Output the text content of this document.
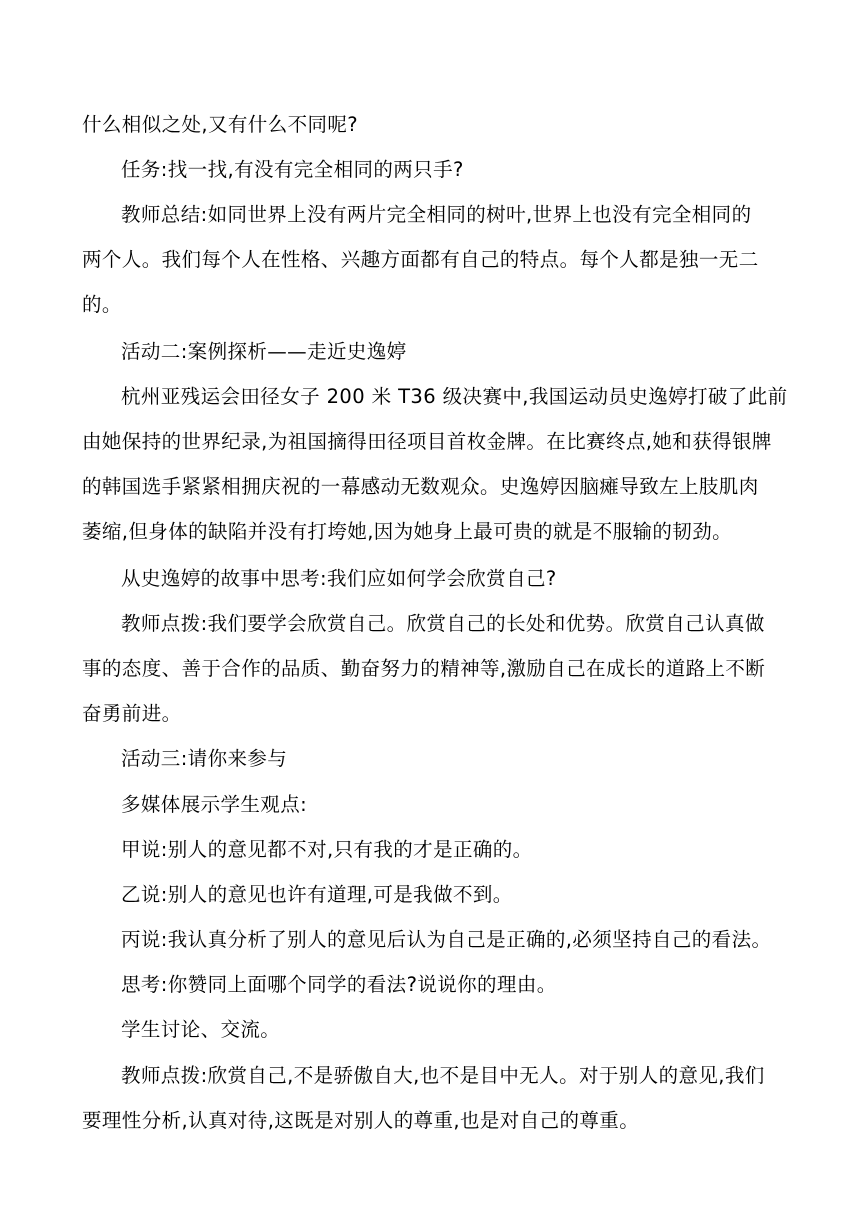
什么相似之处,又有什么不同呢?
任务:找一找,有没有完全相同的两只手?
教师总结:如同世界上没有两片完全相同的树叶,世界上也没有完全相同的
两个人。我们每个人在性格、兴趣方面都有自己的特点。每个人都是独一无二
的。
活动二:案例探析——走近史逸婷
杭州亚残运会田径女子 200 米 T36 级决赛中,我国运动员史逸婷打破了此前
由她保持的世界纪录,为祖国摘得田径项目首枚金牌。在比赛终点,她和获得银牌
的韩国选手紧紧相拥庆祝的一幕感动无数观众。史逸婷因脑瘫导致左上肢肌肉
萎缩,但身体的缺陷并没有打垮她,因为她身上最可贵的就是不服输的韧劲。
从史逸婷的故事中思考:我们应如何学会欣赏自己?
教师点拨:我们要学会欣赏自己。欣赏自己的长处和优势。欣赏自己认真做
事的态度、善于合作的品质、勤奋努力的精神等,激励自己在成长的道路上不断
奋勇前进。
活动三:请你来参与
多媒体展示学生观点:
甲说:别人的意见都不对,只有我的才是正确的。
乙说:别人的意见也许有道理,可是我做不到。
丙说:我认真分析了别人的意见后认为自己是正确的,必须坚持自己的看法。
思考:你赞同上面哪个同学的看法?说说你的理由。
学生讨论、交流。
教师点拨:欣赏自己,不是骄傲自大,也不是目中无人。对于别人的意见,我们
要理性分析,认真对待,这既是对别人的尊重,也是对自己的尊重。
